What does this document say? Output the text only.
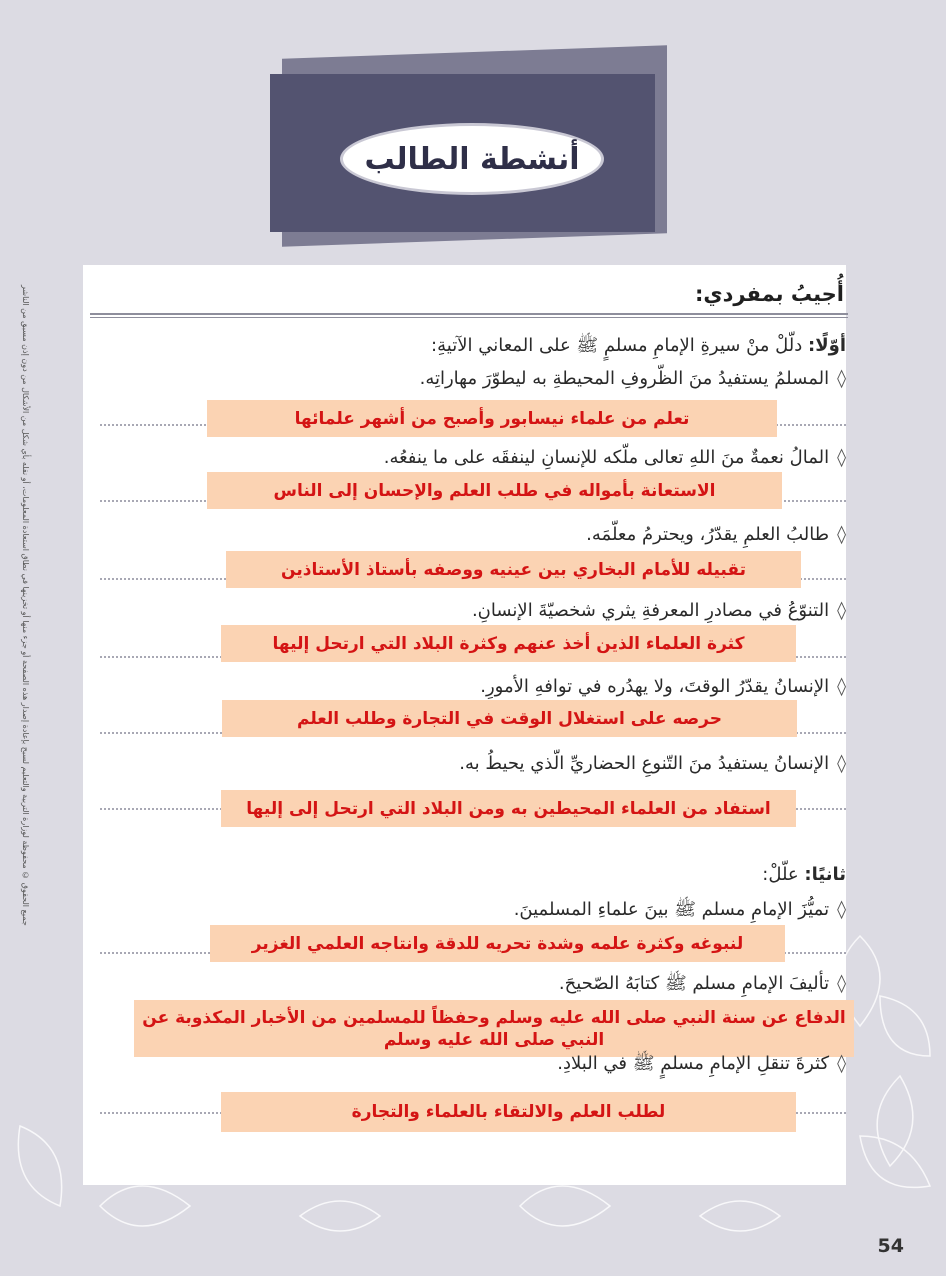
أنشطة الطالب
جميع الحقوق © محفوظة لوزارة التربية والتعليم لسبح بإعادة إصدار هذه الصفحة أو جزء منها أو تخزينها في نطاق استعادة المعلومات، أو نقله بأي شكل من الأشكال من دون إذن مسبق من الناشر	أُجيبُ بمفردي:
أوّلًا: دلّلْ منْ سيرةِ الإمامِ مسلمٍ ﷺ على المعاني الآتيةِ:
◊المسلمُ يستفيدُ منَ الظّروفِ المحيطةِ به ليطوّرَ مهاراتِه.
تعلم من علماء نيسابور وأصبح من أشهر علمائها
◊المالُ نعمةٌ منَ اللهِ تعالى ملّكه للإنسانِ لينفقَه على ما ينفعُه.
الاستعانة بأمواله في طلب العلم والإحسان إلى الناس
◊طالبُ العلمِ يقدّرُ، ويحترمُ معلّمَه.
تقبيله للأمام البخاري بين عينيه ووصفه بأستاذ الأستاذين
◊التنوّعُ في مصادرِ المعرفةِ يثري شخصيّةَ الإنسانِ.
كثرة العلماء الذين أخذ عنهم وكثرة البلاد التي ارتحل إليها
◊الإنسانُ يقدّرُ الوقتَ، ولا يهدُره في توافهِ الأمورِ.
حرصه على استغلال الوقت في التجارة وطلب العلم
◊الإنسانُ يستفيدُ منَ التّنوعِ الحضاريِّ الّذي يحيطُ به.
استفاد من العلماء المحيطين به ومن البلاد التي ارتحل إلى إليها
ثانيًا: علّلْ:
◊تميُّزَ الإمامِ مسلم ﷺ بينَ علماءِ المسلمينَ.
لنبوغه وكثرة علمه وشدة تحريه للدقة وانتاجه العلمي الغزير
◊تأليفَ الإمامِ مسلم ﷺ كتابَهُ الصّحيحَ.
الدفاع عن سنة النبي صلى الله عليه وسلم وحفظاً للمسلمين من الأخبار المكذوبة عن النبي صلى الله عليه وسلم
◊كثرةَ تنقلِ الإمامِ مسلمٍ ﷺ في البلادِ.
لطلب العلم والالتقاء بالعلماء والتجارة
54
